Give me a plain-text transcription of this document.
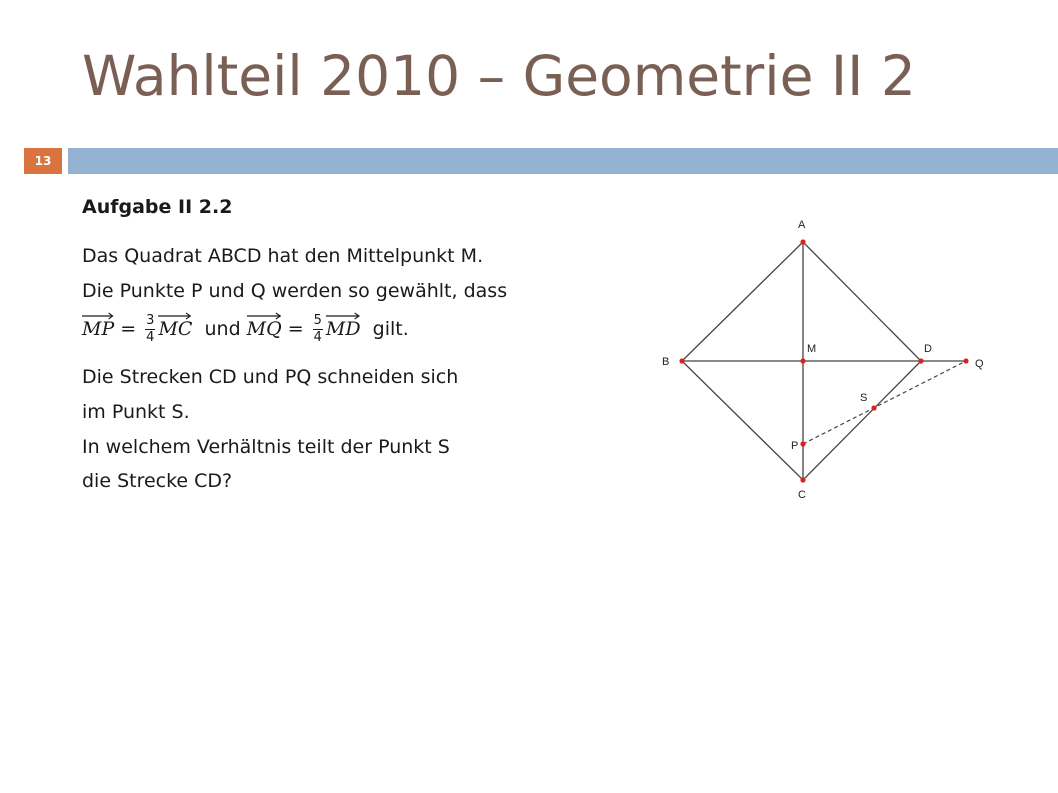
Wahlteil 2010 – Geometrie II 2
13
Aufgabe II 2.2
Das Quadrat ABCD hat den Mittelpunkt M.
Die Punkte P und Q werden so gewählt, dass
MP = $\frac{3}{4}$ MC und MQ = $\frac{5}{4}$ MD gilt.
Die Strecken CD und PQ schneiden sich
im Punkt S.
In welchem Verhältnis teilt der Punkt S
die Strecke CD?
A
B
C
D
M
P
Q
S
